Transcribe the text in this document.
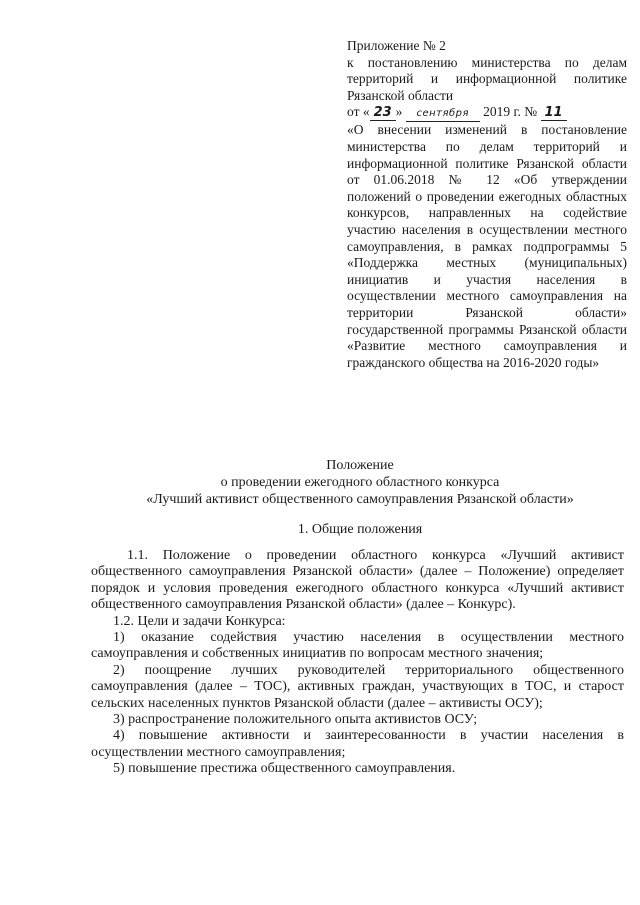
Приложение № 2

к постановлению министерства по делам территорий и информационной политике Рязанской области

от « 23 » сентября 2019 г. № 11

«О внесении изменений в постановление министерства по делам территорий и информационной политике Рязанской области от 01.06.2018 № 12 «Об утверждении положений о проведении ежегодных областных конкурсов, направленных на содействие участию населения в осуществлении местного самоуправления, в рамках подпрограммы 5 «Поддержка местных (муниципальных) инициатив и участия населения в осуществлении местного самоуправления на территории Рязанской области» государственной программы Рязанской области «Развитие местного самоуправления и гражданского общества на 2016-2020 годы»

Положение

о проведении ежегодного областного конкурса

«Лучший активист общественного самоуправления Рязанской области»

1. Общие положения

1.1. Положение о проведении областного конкурса «Лучший активист общественного самоуправления Рязанской области» (далее – Положение) определяет порядок и условия проведения ежегодного областного конкурса «Лучший активист общественного самоуправления Рязанской области» (далее – Конкурс).

1.2. Цели и задачи Конкурса:

1) оказание содействия участию населения в осуществлении местного самоуправления и собственных инициатив по вопросам местного значения;

2) поощрение лучших руководителей территориального общественного самоуправления (далее – ТОС), активных граждан, участвующих в ТОС, и старост сельских населенных пунктов Рязанской области (далее – активисты ОСУ);

3) распространение положительного опыта активистов ОСУ;

4) повышение активности и заинтересованности в участии населения в осуществлении местного самоуправления;

5) повышение престижа общественного самоуправления.
